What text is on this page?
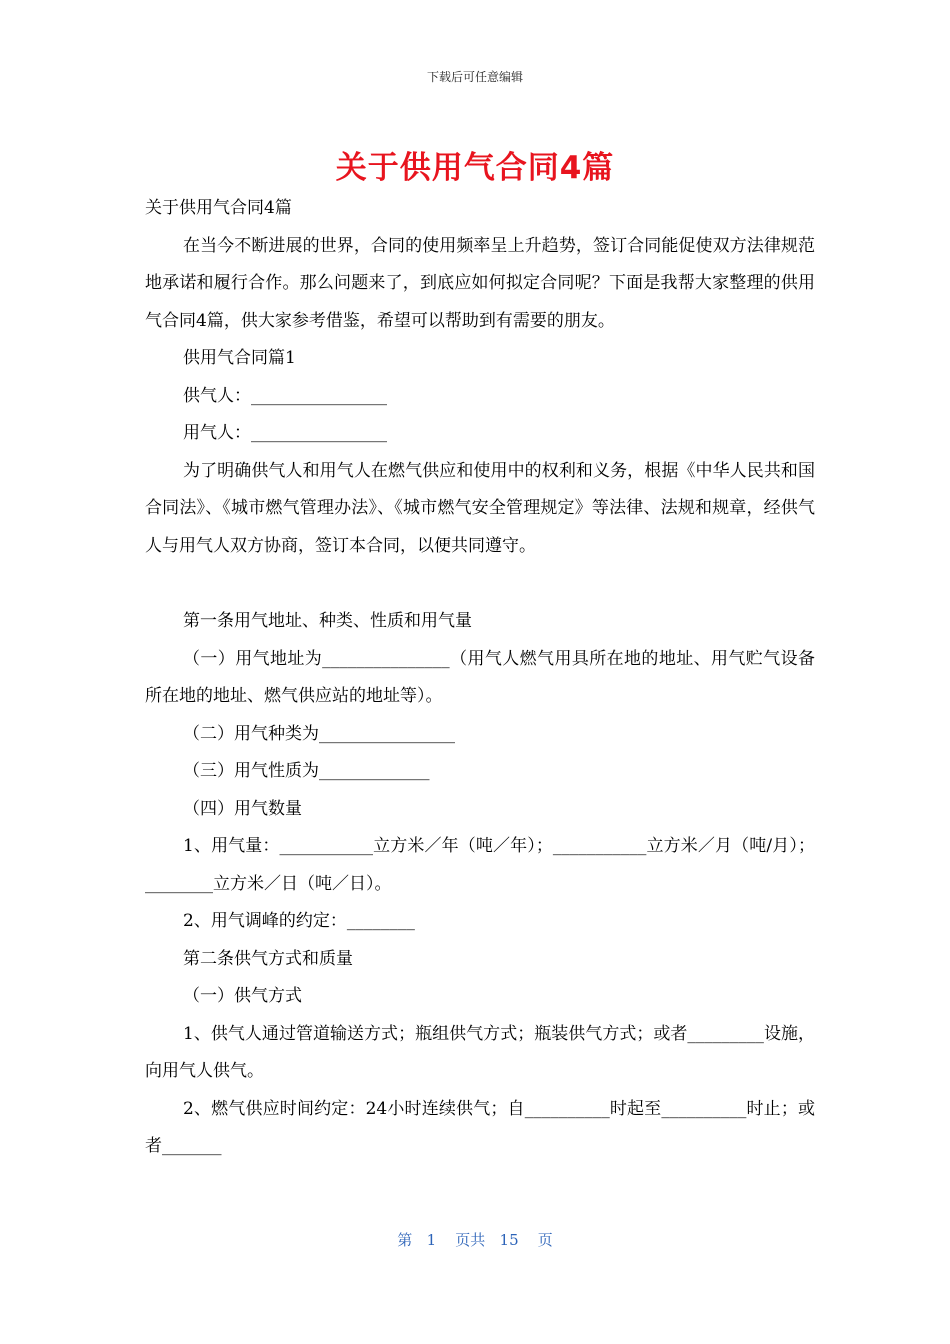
下载后可任意编辑
关于供用气合同4篇

关于供用气合同4篇

在当今不断进展的世界，合同的使用频率呈上升趋势，签订合同能促使双方法律规范地承诺和履行合作。那么问题来了，到底应如何拟定合同呢？下面是我帮大家整理的供用气合同4篇，供大家参考借鉴，希望可以帮助到有需要的朋友。

供用气合同篇1

供气人：________________

用气人：________________

为了明确供气人和用气人在燃气供应和使用中的权利和义务，根据《中华人民共和国合同法》、《城市燃气管理办法》、《城市燃气安全管理规定》等法律、法规和规章，经供气人与用气人双方协商，签订本合同，以便共同遵守。

第一条用气地址、种类、性质和用气量

（一）用气地址为_______________（用气人燃气用具所在地的地址、用气贮气设备所在地的地址、燃气供应站的地址等）。

（二）用气种类为________________

（三）用气性质为_____________

（四）用气数量

1、用气量：___________立方米／年（吨／年）；___________立方米／月（吨/月）；________立方米／日（吨／日）。

2、用气调峰的约定：________

第二条供气方式和质量

（一）供气方式

1、供气人通过管道输送方式；瓶组供气方式；瓶装供气方式；或者_________设施，向用气人供气。

2、燃气供应时间约定：24小时连续供气；自__________时起至__________时止；或者_______

第 1 页共 15 页
